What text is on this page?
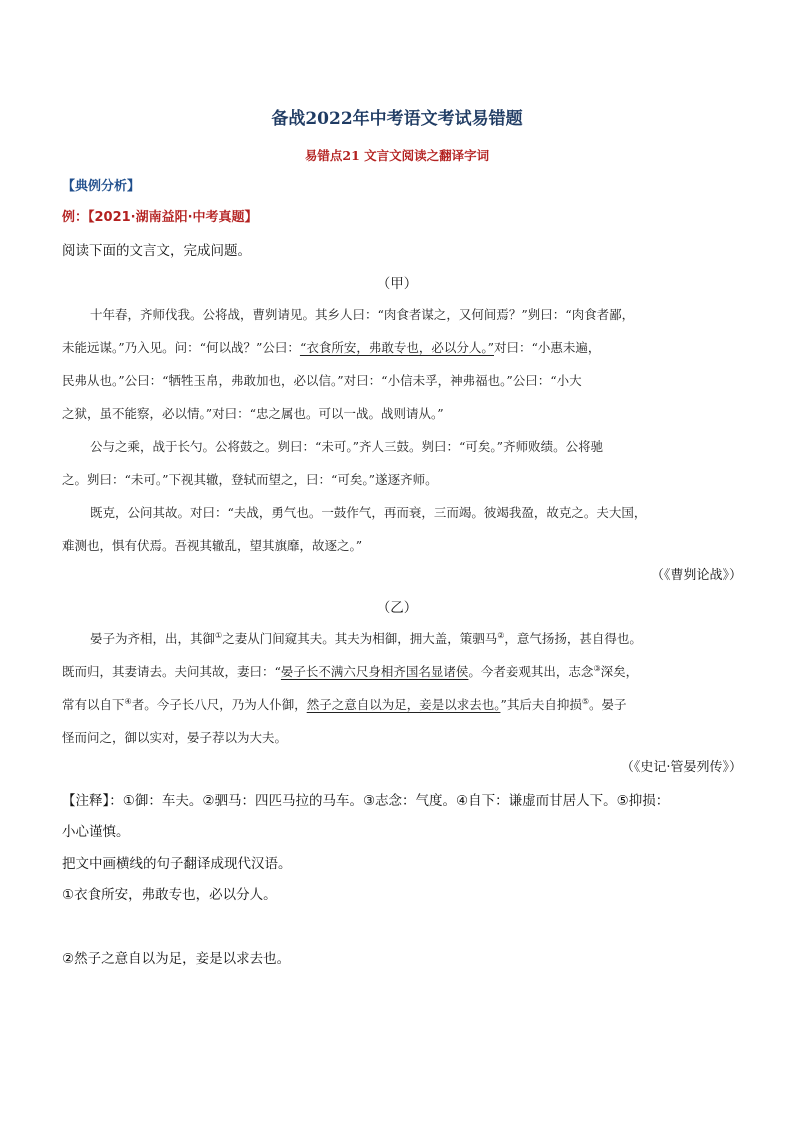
备战2022年中考语文考试易错题
易错点21 文言文阅读之翻译字词
【典例分析】
例：【2021·湖南益阳·中考真题】
阅读下面的文言文，完成问题。
（甲）
十年春，齐师伐我。公将战，曹刿请见。其乡人曰：“肉食者谋之，又何间焉？”刿曰：“肉食者鄙，
未能远谋。”乃入见。问：“何以战？”公曰：“衣食所安，弗敢专也，必以分人。”对曰：“小惠未遍，
民弗从也。”公曰：“牺牲玉帛，弗敢加也，必以信。”对曰：“小信未孚，神弗福也。”公曰：“小大
之狱，虽不能察，必以情。”对曰：“忠之属也。可以一战。战则请从。”
公与之乘，战于长勺。公将鼓之。刿曰：“未可。”齐人三鼓。刿曰：“可矣。”齐师败绩。公将驰
之。刿曰：“未可。”下视其辙，登轼而望之，曰：“可矣。”遂逐齐师。
既克，公问其故。对曰：“夫战，勇气也。一鼓作气，再而衰，三而竭。彼竭我盈，故克之。夫大国，
难测也，惧有伏焉。吾视其辙乱，望其旗靡，故逐之。”
（《曹刿论战》）
（乙）
晏子为齐相，出，其御①之妻从门间窥其夫。其夫为相御，拥大盖，策驷马②，意气扬扬，甚自得也。
既而归，其妻请去。夫问其故，妻曰：“晏子长不满六尺身相齐国名显诸侯。今者妾观其出，志念③深矣，
常有以自下④者。今子长八尺，乃为人仆御，然子之意自以为足，妾是以求去也。”其后夫自抑损⑤。晏子
怪而问之，御以实对，晏子荐以为大夫。
（《史记·管晏列传》）
【注释】：①御：车夫。②驷马：四匹马拉的马车。③志念：气度。④自下：谦虚而甘居人下。⑤抑损：
小心谨慎。
把文中画横线的句子翻译成现代汉语。
①衣食所安，弗敢专也，必以分人。
②然子之意自以为足，妾是以求去也。
